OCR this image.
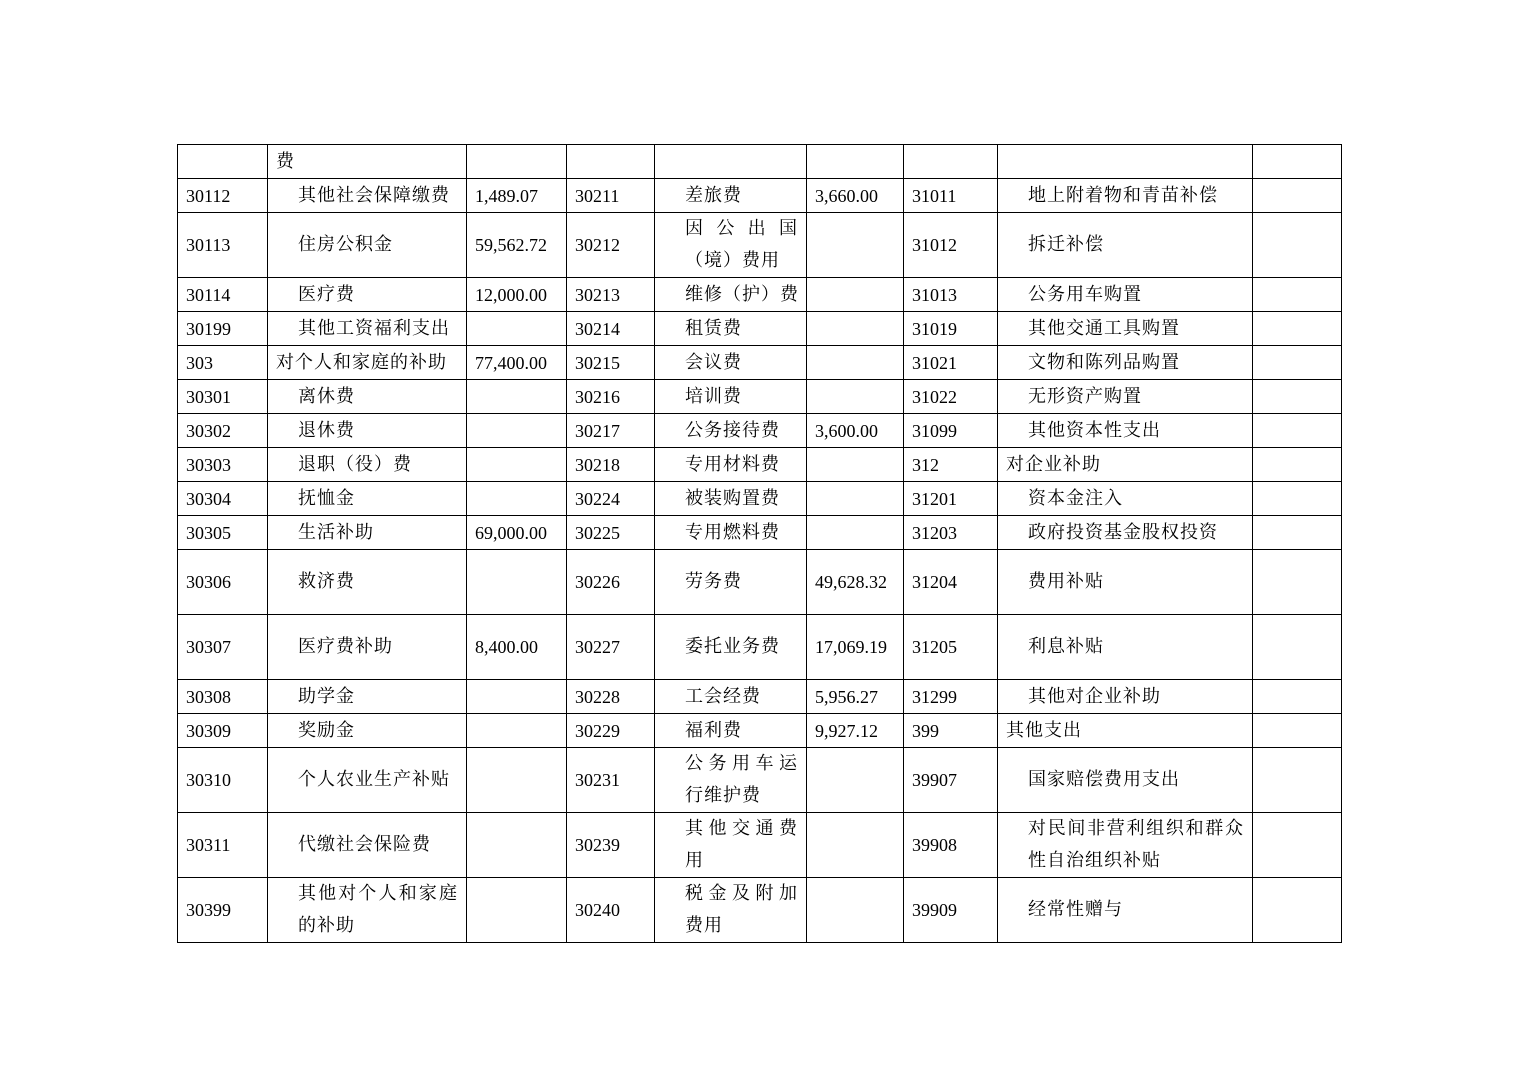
	费							
30112	其他社会保障缴费	1,489.07	30211	差旅费	3,660.00	31011	地上附着物和青苗补偿	
30113	住房公积金	59,562.72	30212	因公出国（境）费用		31012	拆迁补偿	
30114	医疗费	12,000.00	30213	维修（护）费		31013	公务用车购置	
30199	其他工资福利支出		30214	租赁费		31019	其他交通工具购置	
303	对个人和家庭的补助	77,400.00	30215	会议费		31021	文物和陈列品购置	
30301	离休费		30216	培训费		31022	无形资产购置	
30302	退休费		30217	公务接待费	3,600.00	31099	其他资本性支出	
30303	退职（役）费		30218	专用材料费		312	对企业补助	
30304	抚恤金		30224	被装购置费		31201	资本金注入	
30305	生活补助	69,000.00	30225	专用燃料费		31203	政府投资基金股权投资	
30306	救济费		30226	劳务费	49,628.32	31204	费用补贴	
30307	医疗费补助	8,400.00	30227	委托业务费	17,069.19	31205	利息补贴	
30308	助学金		30228	工会经费	5,956.27	31299	其他对企业补助	
30309	奖励金		30229	福利费	9,927.12	399	其他支出	
30310	个人农业生产补贴		30231	公务用车运行维护费		39907	国家赔偿费用支出	
30311	代缴社会保险费		30239	其他交通费用		39908	对民间非营利组织和群众性自治组织补贴	
30399	其他对个人和家庭的补助		30240	税金及附加费用		39909	经常性赠与	
